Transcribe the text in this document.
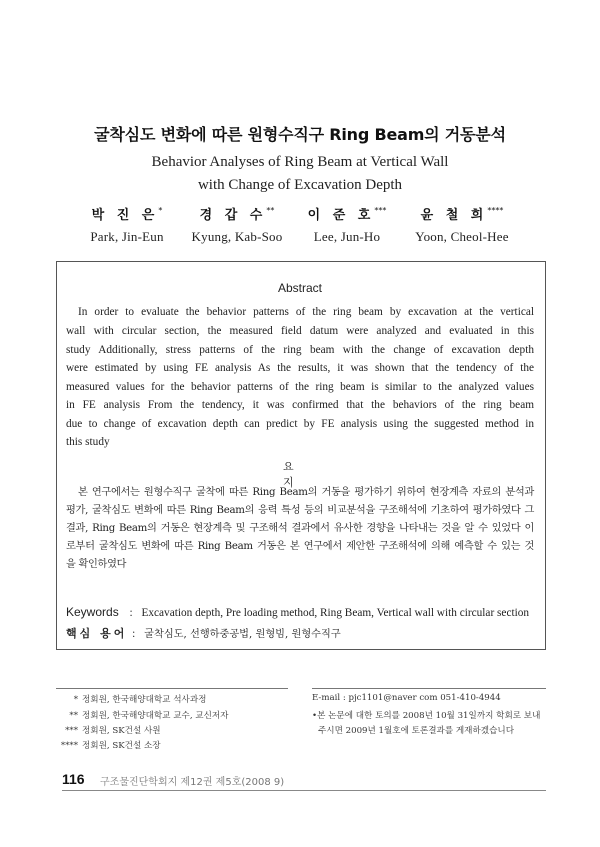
굴착심도 변화에 따른 원형수직구 Ring Beam의 거동분석
Behavior Analyses of Ring Beam at Vertical Wall
with Change of Excavation Depth
박 진 은*
Park, Jin-Eun
경 갑 수**
Kyung, Kab-Soo
이 준 호***
Lee, Jun-Ho
윤 철 희****
Yoon, Cheol-Hee
Abstract
In order to evaluate the behavior patterns of the ring beam by excavation at the vertical
wall with circular section, the measured field datum were analyzed and evaluated in this
study Additionally, stress patterns of the ring beam with the change of excavation depth
were estimated by using FE analysis As the results, it was shown that the tendency of the
measured values for the behavior patterns of the ring beam is similar to the analyzed values
in FE analysis From the tendency, it was confirmed that the behaviors of the ring beam
due to change of excavation depth can predict by FE analysis using the suggested method in
this study
요 지
본 연구에서는 원형수직구 굴착에 따른 Ring Beam의 거동을 평가하기 위하여 현장계측 자료의 분석과
평가, 굴착심도 변화에 따른 Ring Beam의 응력 특성 등의 비교분석을 구조해석에 기초하여 평가하였다 그
결과, Ring Beam의 거동은 현장계측 및 구조해석 결과에서 유사한 경향을 나타내는 것을 알 수 있었다 이
로부터 굴착심도 변화에 따른 Ring Beam 거동은 본 연구에서 제안한 구조해석에 의해 예측할 수 있는 것
을 확인하였다
Keywords : Excavation depth, Pre loading method, Ring Beam, Vertical wall with circular section
핵심 용어 : 굴착심도, 선행하중공법, 원형빔, 원형수직구
* 정회원, 한국해양대학교 석사과정
** 정회원, 한국해양대학교 교수, 교신저자
*** 정회원, SK건설 사원
**** 정회원, SK건설 소장
E-mail : pjc1101@naver com 051-410-4944
•본 논문에 대한 토의를 2008년 10월 31일까지 학회로 보내
주시면 2009년 1월호에 토론결과를 게재하겠습니다
116 구조물진단학회지 제12권 제5호(2008 9)
